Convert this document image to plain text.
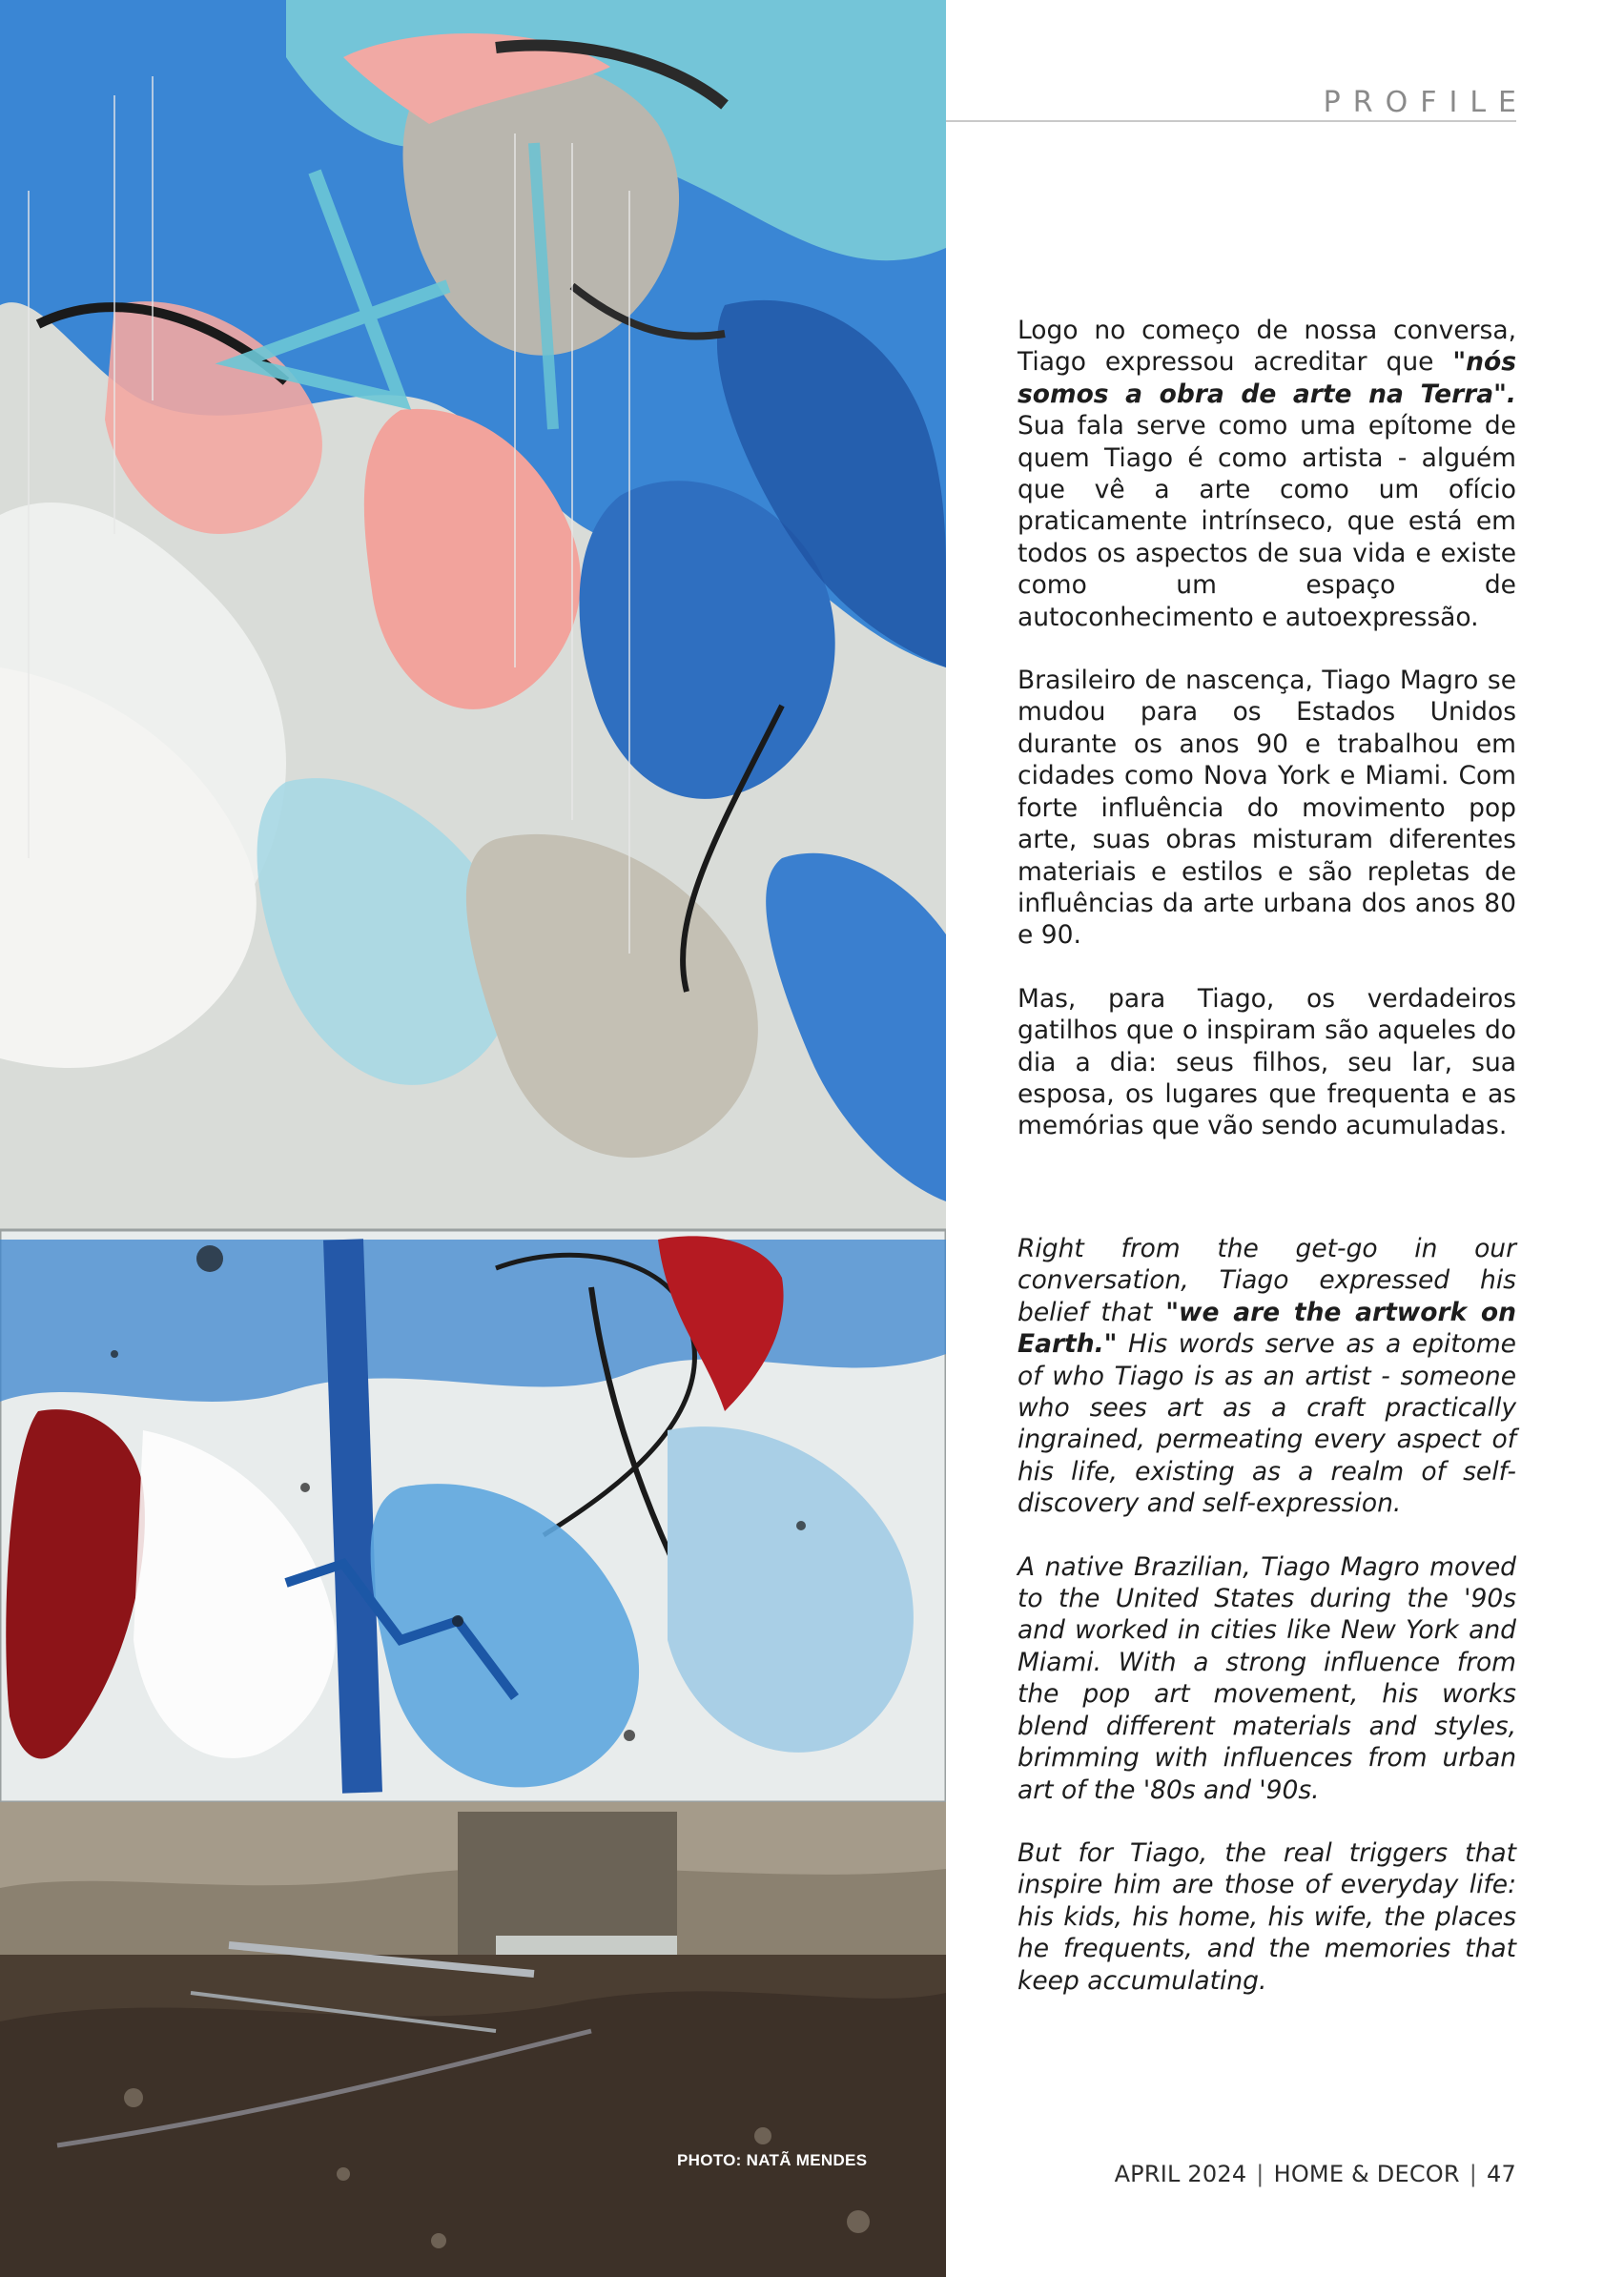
PHOTO: NATÃ MENDES
PROFILE

Logo no começo de nossa conversa, Tiago expressou acreditar que "nós somos a obra de arte na Terra". Sua fala serve como uma epítome de quem Tiago é como artista - alguém que vê a arte como um ofício praticamente intrínseco, que está em todos os aspectos de sua vida e existe como um espaço de autoconhecimento e autoexpressão.

Brasileiro de nascença, Tiago Magro se mudou para os Estados Unidos durante os anos 90 e trabalhou em cidades como Nova York e Miami. Com forte influência do movimento pop arte, suas obras misturam diferentes materiais e estilos e são repletas de influências da arte urbana dos anos 80 e 90.

Mas, para Tiago, os verdadeiros gatilhos que o inspiram são aqueles do dia a dia: seus filhos, seu lar, sua esposa, os lugares que frequenta e as memórias que vão sendo acumuladas.

Right from the get-go in our conversation, Tiago expressed his belief that "we are the artwork on Earth." His words serve as a epitome of who Tiago is as an artist - someone who sees art as a craft practically ingrained, permeating every aspect of his life, existing as a realm of self-discovery and self-expression.

A native Brazilian, Tiago Magro moved to the United States during the '90s and worked in cities like New York and Miami. With a strong influence from the pop art movement, his works blend different materials and styles, brimming with influences from urban art of the '80s and '90s.

But for Tiago, the real triggers that inspire him are those of everyday life: his kids, his home, his wife, the places he frequents, and the memories that keep accumulating.

APRIL 2024 | HOME & DECOR | 47
